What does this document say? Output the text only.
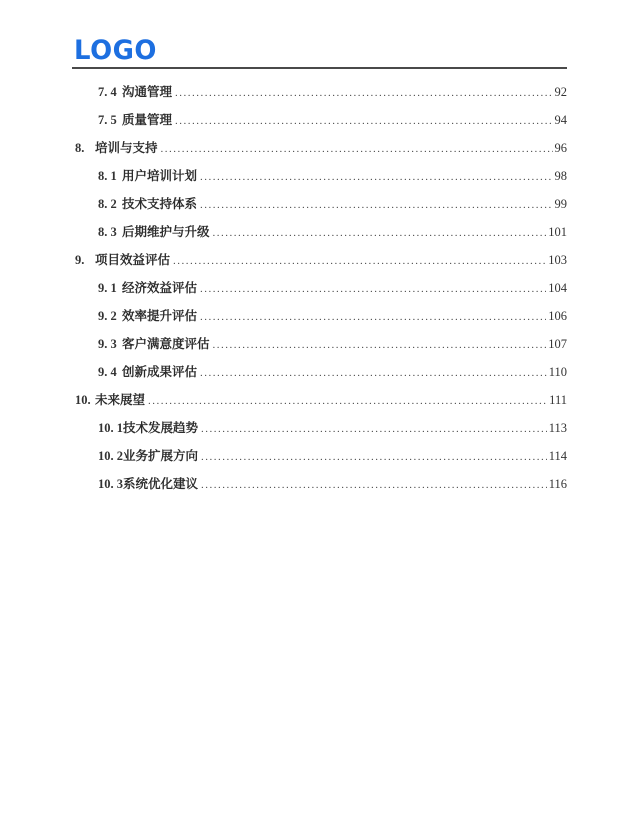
LOGO
7. 4 沟通管理 .....	92
7. 5 质量管理 .....	94
8. 培训与支持 .....	96
8. 1 用户培训计划 .....	98
8. 2 技术支持体系 .....	99
8. 3 后期维护与升级 .....	101
9. 项目效益评估 .....	103
9. 1 经济效益评估 .....	104
9. 2 效率提升评估 .....	106
9. 3 客户满意度评估 .....	107
9. 4 创新成果评估 .....	110
10. 未来展望 .....	111
10. 1 技术发展趋势 .....	113
10. 2 业务扩展方向 .....	114
10. 3 系统优化建议 .....	116
